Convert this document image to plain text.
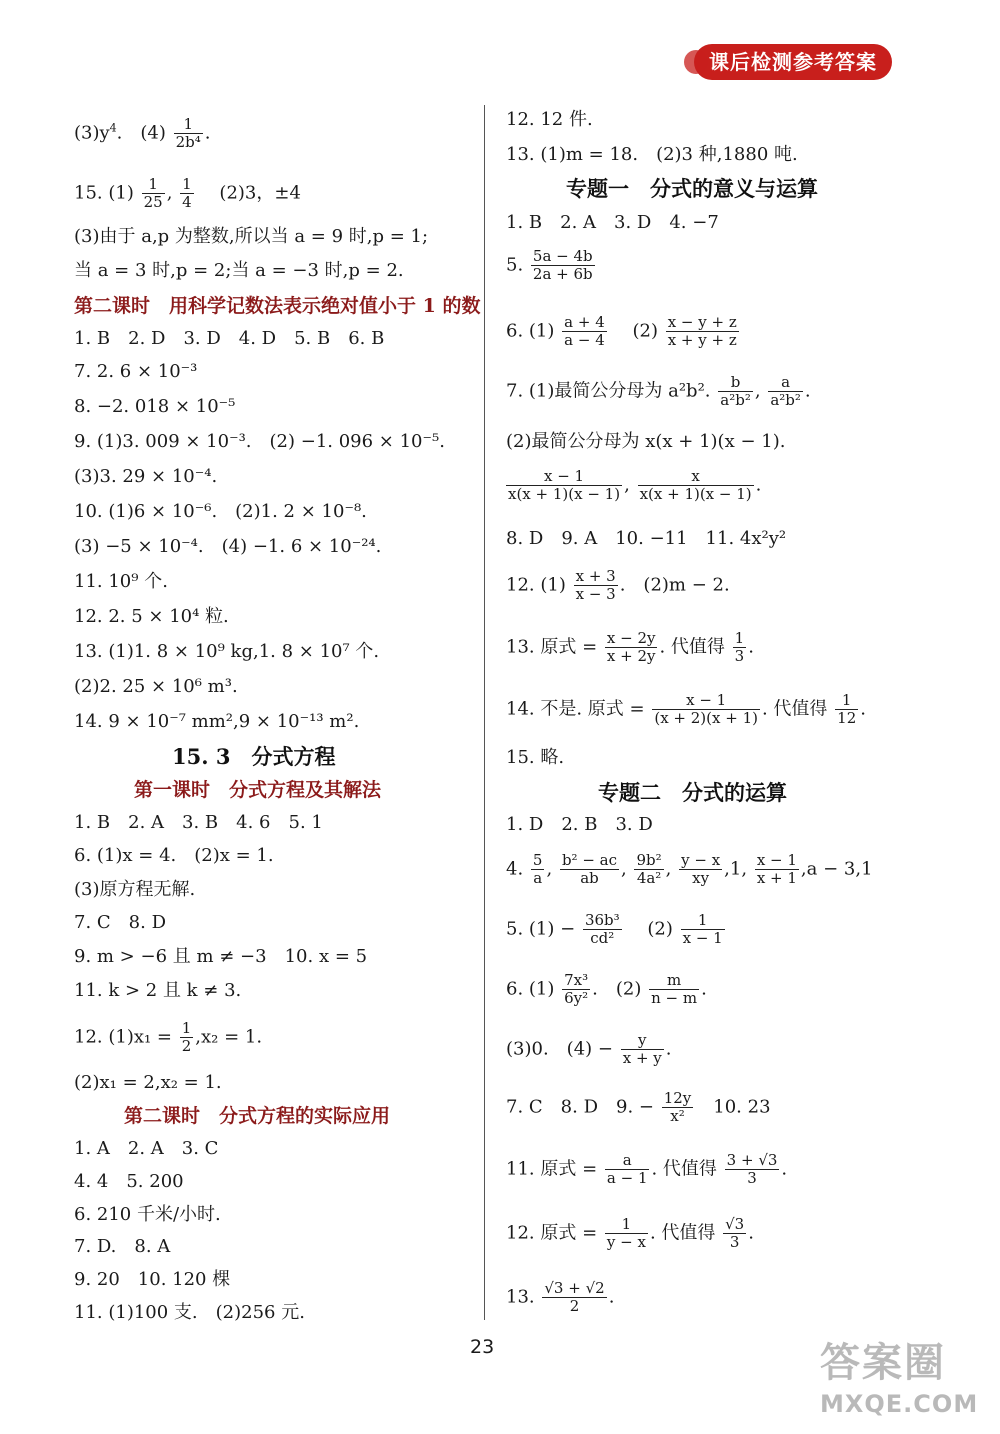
课后检测参考答案
$(3)y^4$.　$(4) \frac{1}{\text{2b⁴}}$ .
15. $(1) \frac{1}{25}$ , $\frac{1}{4}$ 　(2)3，±4
(3)由于 a,p 为整数,所以当 a = 9 时,p = 1;
当 a = 3 时,p = 2;当 a = −3 时,p = 2.
第二课时　用科学记数法表示绝对值小于 1 的数
1. B　2. D　3. D　4. D　5. B　6. B
7. 2. 6 × 10⁻³
8. −2. 018 × 10⁻⁵
9. (1)3. 009 × 10⁻³.　(2) −1. 096 × 10⁻⁵.
(3)3. 29 × 10⁻⁴.
10. (1)6 × 10⁻⁶.　(2)1. 2 × 10⁻⁸.
(3) −5 × 10⁻⁴.　(4) −1. 6 × 10⁻²⁴.
11. 10⁹ 个.
12. 2. 5 × 10⁴ 粒.
13. (1)1. 8 × 10⁹ kg,1. 8 × 10⁷ 个.
(2)2. 25 × 10⁶ m³.
14. 9 × 10⁻⁷ mm²,9 × 10⁻¹³ m².
15. 3　分式方程
第一课时　分式方程及其解法
1. B　2. A　3. B　4. 6　5. 1
6. (1)x = 4.　(2)x = 1.
(3)原方程无解.
7. C　8. D
9. m > −6 且 m ≠ −3　10. x = 5
11. k > 2 且 k ≠ 3.
12. $(1)x_1 = \frac{1}{2} ,x_2 = 1$.
(2)x₁ = 2,x₂ = 1.
第二课时　分式方程的实际应用
1. A　2. A　3. C
4. 4　5. 200
6. 210 千米/小时.
7. D.　8. A
9. 20　10. 120 棵
11. (1)100 支.　(2)256 元.
12. 12 件.
13. (1)m = 18.　(2)3 种,1880 吨.
专题一　分式的意义与运算
1. B　2. A　3. D　4. −7
5. $\frac{5a - 4b}{2a + 6b}$
6. $(1) \frac{a + 4}{a - 4}$ 　$(2) \frac{x - y + z}{x + y + z}$
7. (1)最简公分母为 a²b². $\frac{b}{\text{a²b²}}$ , $\frac{a}{\text{a²b²}}$ .
(2)最简公分母为 x(x + 1)(x − 1).
$\frac{x - 1}{x(x + 1)(x - 1)}$ , $\frac{x}{x(x + 1)(x - 1)}$ .
8. D　9. A　10. −11　11. 4x²y²
12. $(1) \frac{x + 3}{x - 3}$ .　(2)m − 2.
13. 原式 = $\frac{x - 2y}{x + 2y}$ . 代值得 $\frac{1}{3}$ .
14. 不是. 原式 = $\frac{x - 1}{(x + 2)(x + 1)}$ . 代值得 $\frac{1}{12}$ .
15. 略.
专题二　分式的运算
1. D　2. B　3. D
4. $\frac{5}{a}$ , $\frac{\text{b² − ac}}{ab}$ , $\frac{\text{9b²}}{\text{4a²}}$ , $\frac{y - x}{xy} ,1$, $\frac{x - 1}{x + 1} ,a - 3,1$
5. $(1) - \frac{\text{36b³}}{\text{cd²}}$ 　$(2) \frac{1}{x - 1}$
6. $(1) \frac{\text{7x³}}{\text{6y²}}$ .　$(2) \frac{m}{n - m}$ .
(3)0.　$(4) - \frac{y}{x + y}$ .
7. C　8. D　9. − $\frac{12y}{\text{x²}}$ 　10. 23
11. 原式 = $\frac{a}{a - 1}$ . 代值得 $\frac{3 + √3}{3}$ .
12. 原式 = $\frac{1}{y - x}$ . 代值得 $\frac{√3}{3}$ .
13. $\frac{√3 + √2}{2}$ .
23	答案圈
MXQE.COM
